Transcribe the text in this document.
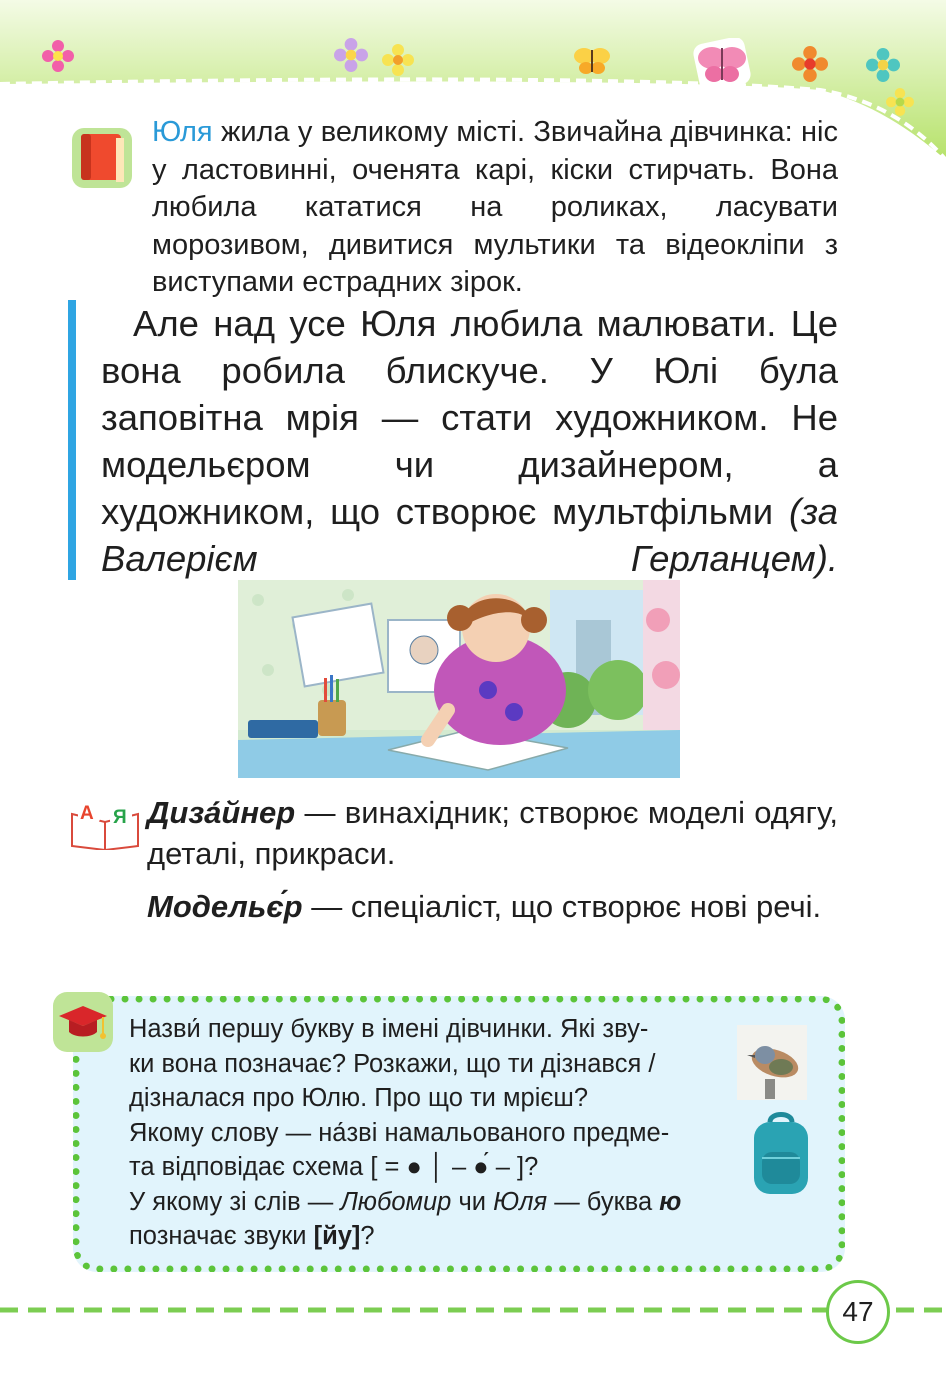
Юля жила у великому місті. Звичайна дівчинка: ніс у ластовинні, оченята карі, кіски стирчать. Вона любила кататися на роликах, ласувати морозивом, дивитися мультики та відеокліпи з виступами естрадних зірок.

Але над усе Юля любила малювати. Це вона робила блискуче. У Юлі була заповітна мрія — стати художником. Не модельєром чи дизайнером, а художником, що створює мультфільми (за Валерієм Герланцем).

А Я Диза́йнер — винахідник; створює моделі одягу, деталі, прикраси.

Модельє́р — спеціаліст, що створює нові речі.

Назви́ першу букву в імені дівчинки. Які зву-
ки вона позначає? Розкажи, що ти дізнався /
дізналася про Юлю. Про що ти мрієш?
Якому слову — на́зві намальованого предме-
та відповідає схема [ = ● │ – ●́ – ]?
У якому зі слів — Любомир чи Юля — буква ю
позначає звуки [йу]?
47
